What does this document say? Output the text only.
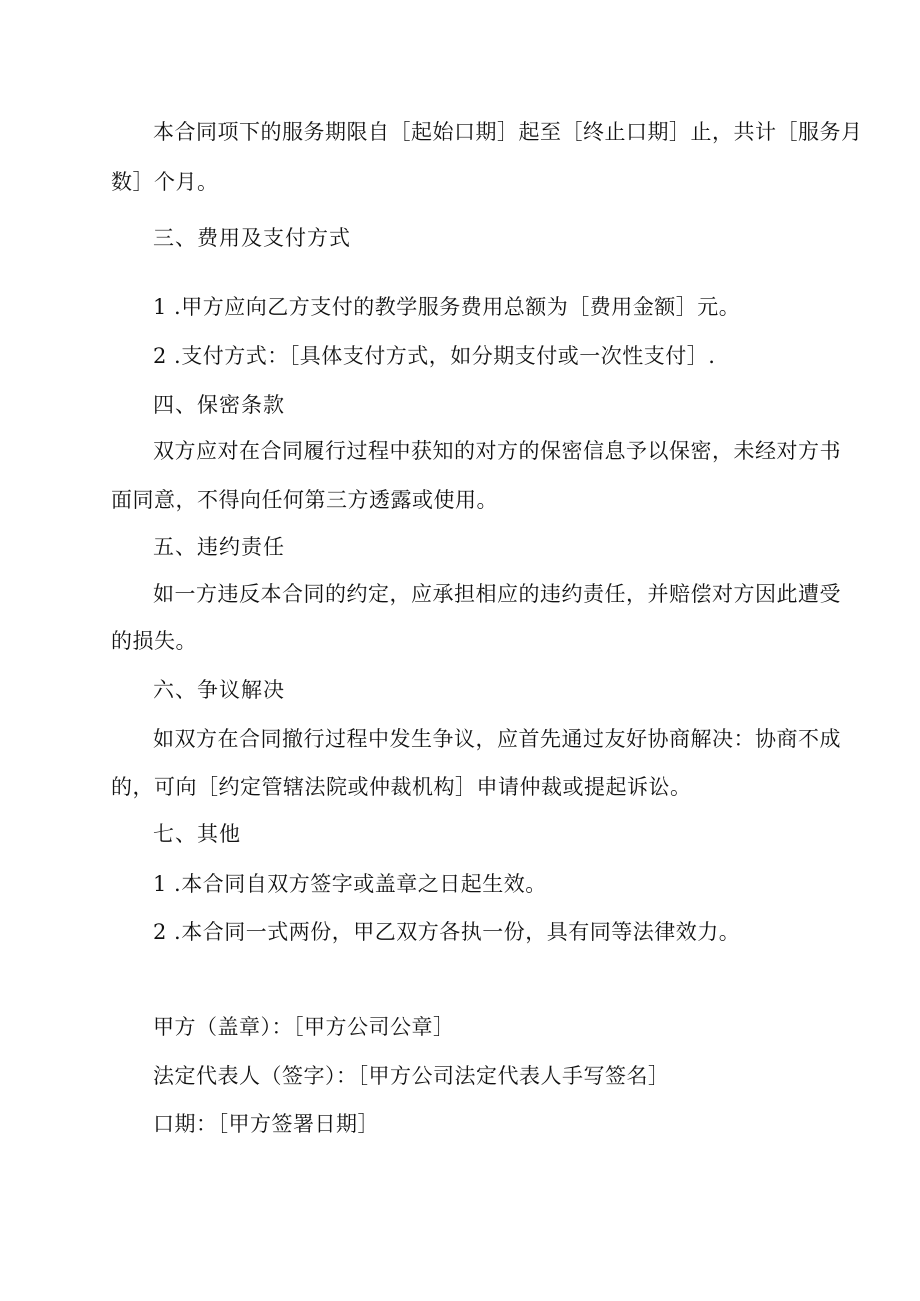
本合同项下的服务期限自［起始口期］起至［终止口期］止，共计［服务月
数］个月。
三、费用及支付方式
1 .甲方应向乙方支付的教学服务费用总额为［费用金额］元。
2 .支付方式：［具体支付方式，如分期支付或一次性支付］.
四、保密条款
双方应对在合同履行过程中获知的对方的保密信息予以保密，未经对方书
面同意，不得向任何第三方透露或使用。
五、违约责任
如一方违反本合同的约定，应承担相应的违约责任，并赔偿对方因此遭受
的损失。
六、争议解决
如双方在合同撤行过程中发生争议，应首先通过友好协商解决：协商不成
的，可向［约定管辖法院或仲裁机构］申请仲裁或提起诉讼。
七、其他
1 .本合同自双方签字或盖章之日起生效。
2 .本合同一式两份，甲乙双方各执一份，具有同等法律效力。
甲方（盖章）：［甲方公司公章］
法定代表人（签字）：［甲方公司法定代表人手写签名］
口期：［甲方签署日期］
